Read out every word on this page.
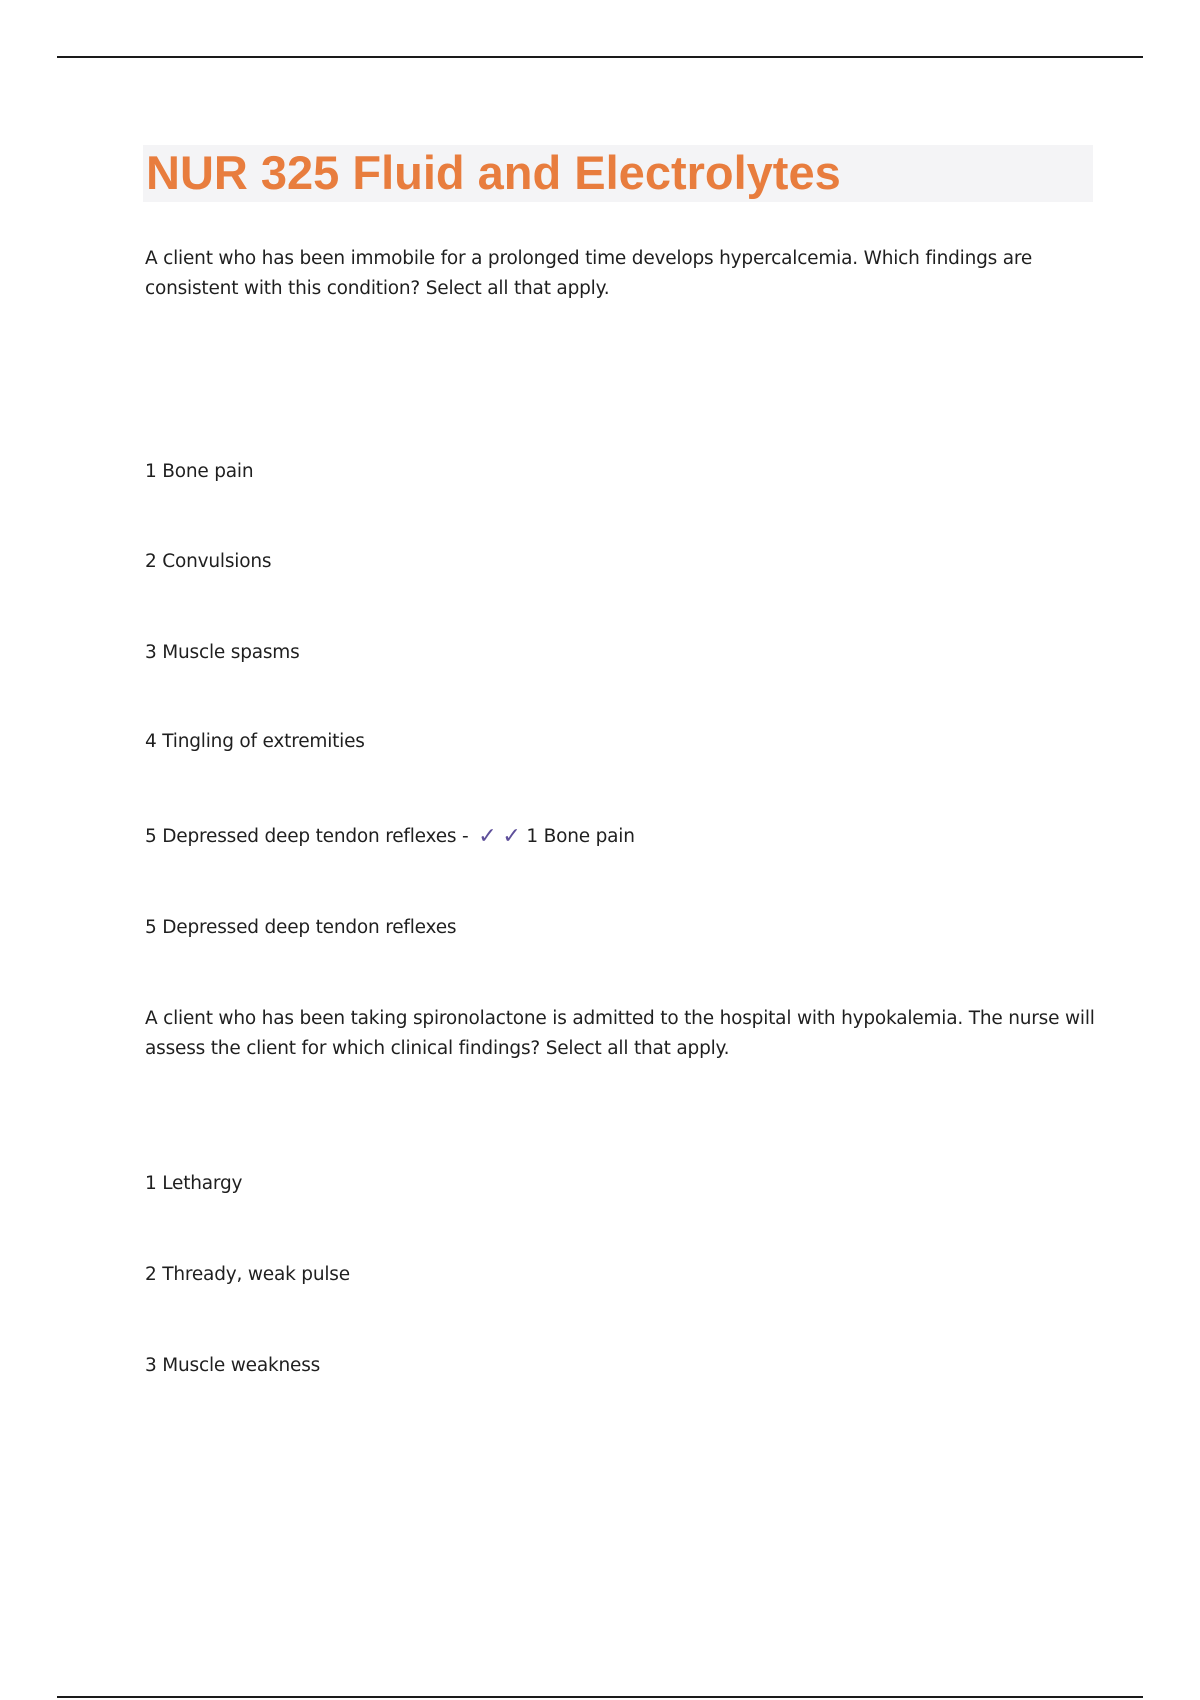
NUR 325 Fluid and Electrolytes
A client who has been immobile for a prolonged time develops hypercalcemia. Which findings are
consistent with this condition? Select all that apply.
1 Bone pain
2 Convulsions
3 Muscle spasms
4 Tingling of extremities
5 Depressed deep tendon reflexes - ✓ ✓ 1 Bone pain
5 Depressed deep tendon reflexes
A client who has been taking spironolactone is admitted to the hospital with hypokalemia. The nurse will
assess the client for which clinical findings? Select all that apply.
1 Lethargy
2 Thready, weak pulse
3 Muscle weakness
